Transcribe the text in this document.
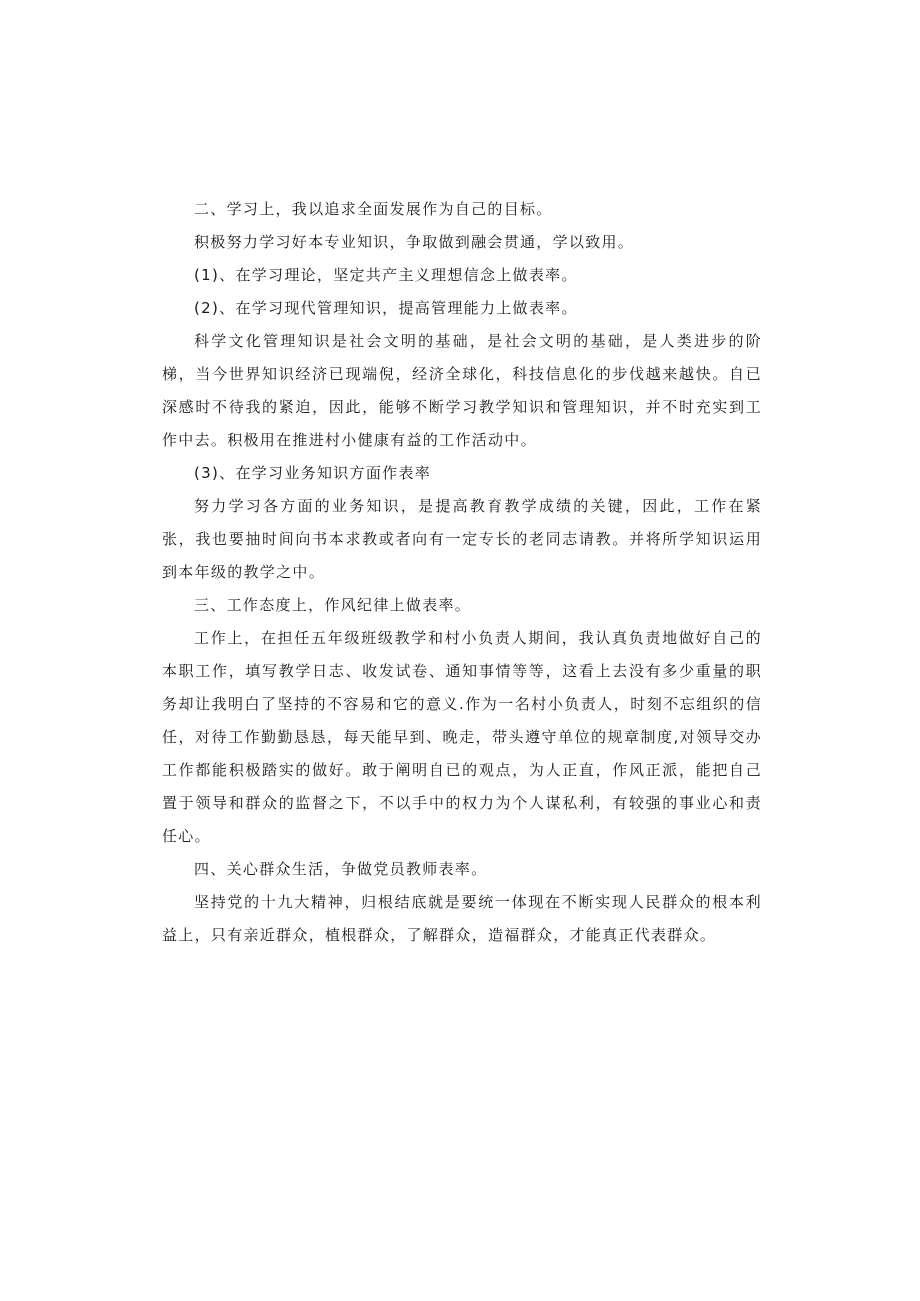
二、学习上，我以追求全面发展作为自己的目标。

积极努力学习好本专业知识，争取做到融会贯通，学以致用。

(1)、在学习理论，坚定共产主义理想信念上做表率。

(2)、在学习现代管理知识，提高管理能力上做表率。

科学文化管理知识是社会文明的基础，是社会文明的基础，是人类进步的阶梯，当今世界知识经济已现端倪，经济全球化，科技信息化的步伐越来越快。自已深感时不待我的紧迫，因此，能够不断学习教学知识和管理知识，并不时充实到工作中去。积极用在推进村小健康有益的工作活动中。

(3)、在学习业务知识方面作表率

努力学习各方面的业务知识，是提高教育教学成绩的关键，因此，工作在紧张，我也要抽时间向书本求教或者向有一定专长的老同志请教。并将所学知识运用到本年级的教学之中。

三、工作态度上，作风纪律上做表率。

工作上，在担任五年级班级教学和村小负责人期间，我认真负责地做好自己的本职工作，填写教学日志、收发试卷、通知事情等等，这看上去没有多少重量的职务却让我明白了坚持的不容易和它的意义.作为一名村小负责人，时刻不忘组织的信任，对待工作勤勤恳恳，每天能早到、晚走，带头遵守单位的规章制度,对领导交办工作都能积极踏实的做好。敢于阐明自已的观点，为人正直，作风正派，能把自己置于领导和群众的监督之下，不以手中的权力为个人谋私利，有较强的事业心和责任心。

四、关心群众生活，争做党员教师表率。

坚持党的十九大精神，归根结底就是要统一体现在不断实现人民群众的根本利益上，只有亲近群众，植根群众，了解群众，造福群众，才能真正代表群众。
